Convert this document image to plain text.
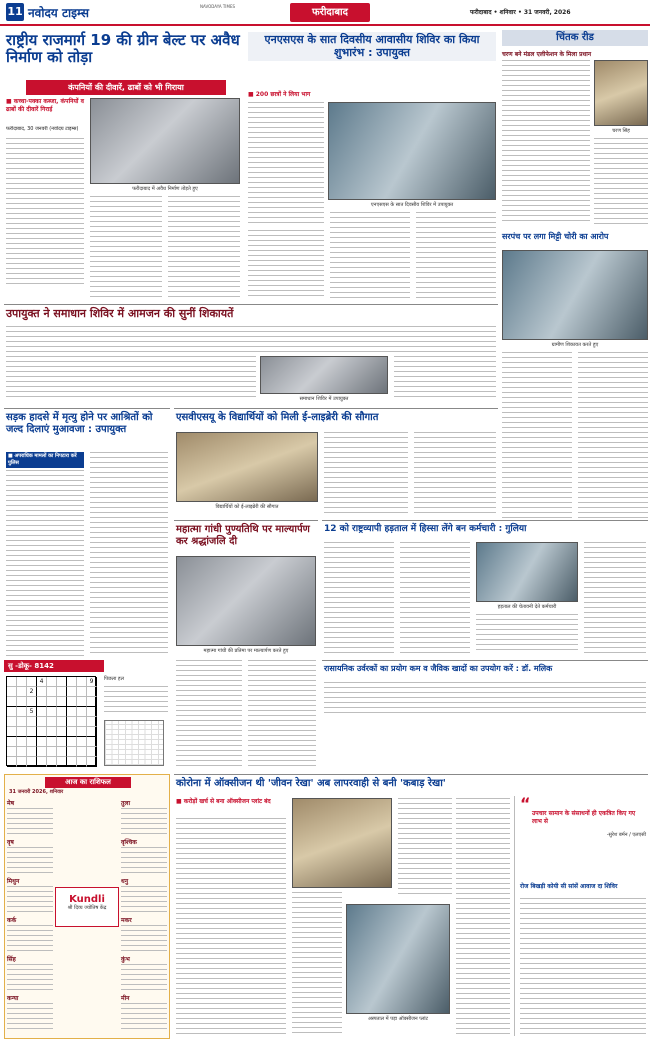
11 नवोदय टाइम्स	NAVODAYA TIMES
फरीदाबाद	फरीदाबाद • शनिवार • 31 जनवरी, 2026
राष्ट्रीय राजमार्ग 19 की ग्रीन बेल्ट पर अवैध निर्माण को तोड़ा
कंपनियों की दीवारें, ढाबों को भी गिराया
■ कच्चा-पक्का कब्जा, कंपनियों व ढाबों की दीवारें गिराई
फरीदाबाद में अवैध निर्माण तोड़ते हुए
फरीदाबाद, 30 जनवरी (नवोदय टाइम्स)
एनएसएस के सात दिवसीय आवासीय शिविर का किया शुभारंभ : उपायुक्त
■ 200 छात्रों ने लिया भाग
एनएसएस के सात दिवसीय शिविर में उपायुक्त
चिंतक रीड
चरण बने मंडल एलीफेशन के मिला प्रधान
चरण सिंह
सरपंच पर लगा मिट्टी चोरी का आरोप
ग्रामीण शिकायत करते हुए
उपायुक्त ने समाधान शिविर में आमजन की सुनीं शिकायतें
समाधान शिविर में उपायुक्त
सड़क हादसे में मृत्यु होने पर आश्रितों को जल्द दिलाएं मुआवजा : उपायुक्त
■ अपराधिक मामलों का निपटारा करें पुलिस
एसवीएसयू के विद्यार्थियों को मिली ई-लाइब्रेरी की सौगात
विद्यार्थियों को ई-लाइब्रेरी की सौगात
महात्मा गांधी पुण्यतिथि पर माल्यार्पण कर श्रद्धांजलि दी
महात्मा गांधी की प्रतिमा पर माल्यार्पण करते हुए
12 को राष्ट्रव्यापी हड़ताल में हिस्सा लेंगे बन कर्मचारी : गुलिया
हड़ताल की चेतावनी देते कर्मचारी
रासायनिक उर्वरकों का प्रयोग कम व जैविक खादों का उपयोग करें : डॉ. मलिक
सु -डोकू- 8142
4	9
2
5
पिछला हल
आज का राशिफल
31 जनवरी 2026, शनिवार
मेष
वृष
मिथुन
कर्क
सिंह
कन्या
तुला
वृश्चिक
धनु
मकर
कुंभ
मीन
Kundli
श्री दिव्य ज्योतिष केंद्र
कोरोना में ऑक्सीजन थी 'जीवन रेखा' अब लापरवाही से बनी 'कबाड़ रेखा'
■ करोड़ों खर्च से बना ऑक्सीजन प्लांट बंद
अस्पताल में पड़ा ऑक्सीजन प्लांट
“
उपचार सामान के संसाधनों ही एकत्रित किए गए लाभ से
-सुरेश बर्मन / एलएसी
रोज बिखड़ी कोयी सी सांसें आवाज दा शिविर
